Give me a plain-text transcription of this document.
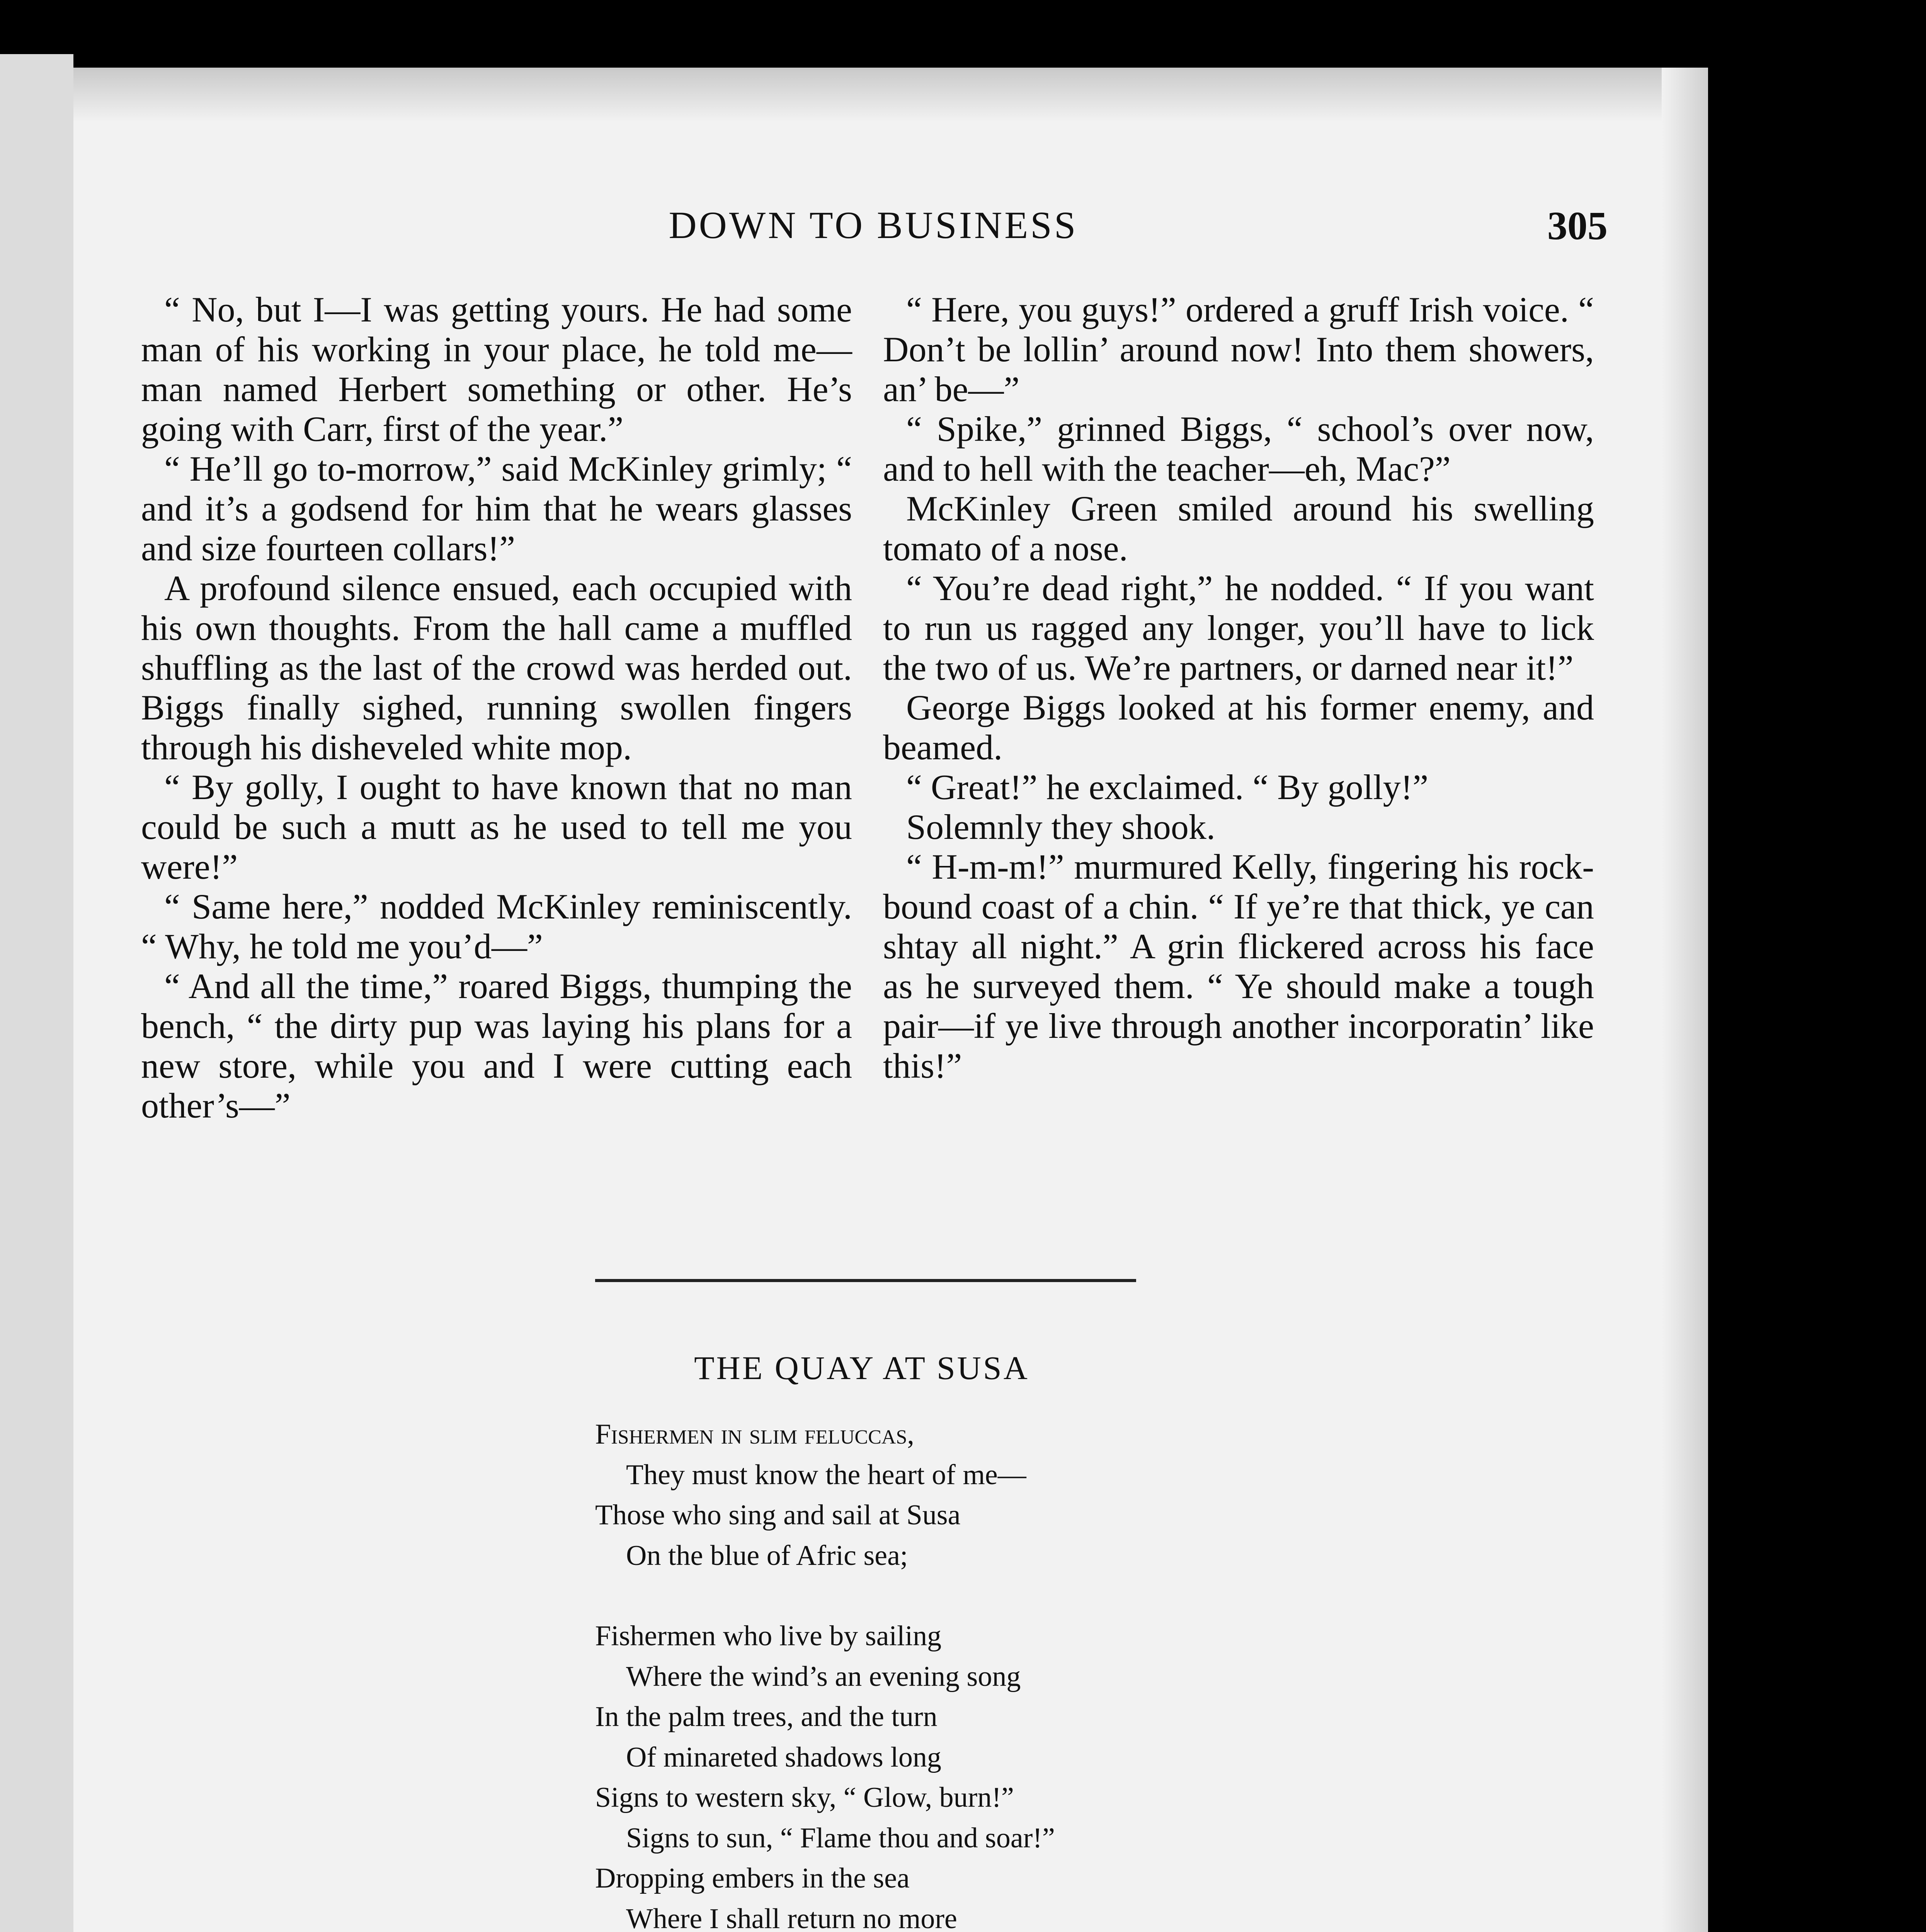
DOWN TO BUSINESS	305

“ No, but I—I was getting yours. He had some man of his working in your place, he told me—man named Herbert something or other. He’s going with Carr, first of the year.”

“ He’ll go to-morrow,” said McKinley grimly; “ and it’s a godsend for him that he wears glasses and size fourteen collars!”

A profound silence ensued, each occupied with his own thoughts. From the hall came a muffled shuffling as the last of the crowd was herded out. Biggs finally sighed, running swollen fingers through his disheveled white mop.

“ By golly, I ought to have known that no man could be such a mutt as he used to tell me you were!”

“ Same here,” nodded McKinley reminiscently. “ Why, he told me you’d—”

“ And all the time,” roared Biggs, thumping the bench, “ the dirty pup was laying his plans for a new store, while you and I were cutting each other’s—”

“ Here, you guys!” ordered a gruff Irish voice. “ Don’t be lollin’ around now! Into them showers, an’ be—”

“ Spike,” grinned Biggs, “ school’s over now, and to hell with the teacher—eh, Mac?”

McKinley Green smiled around his swelling tomato of a nose.

“ You’re dead right,” he nodded. “ If you want to run us ragged any longer, you’ll have to lick the two of us. We’re partners, or darned near it!”

George Biggs looked at his former enemy, and beamed.

“ Great!” he exclaimed. “ By golly!”

Solemnly they shook.

“ H-m-m!” murmured Kelly, fingering his rock-bound coast of a chin. “ If ye’re that thick, ye can shtay all night.” A grin flickered across his face as he surveyed them. “ Ye should make a tough pair—if ye live through another incorporatin’ like this!”

THE QUAY AT SUSA
Fishermen in slim feluccas,
They must know the heart of me—
Those who sing and sail at Susa
On the blue of Afric sea;
Fishermen who live by sailing
Where the wind’s an evening song
In the palm trees, and the turn
Of minareted shadows long
Signs to western sky, “ Glow, burn!”
Signs to sun, “ Flame thou and soar!”
Dropping embers in the sea
Where I shall return no more
